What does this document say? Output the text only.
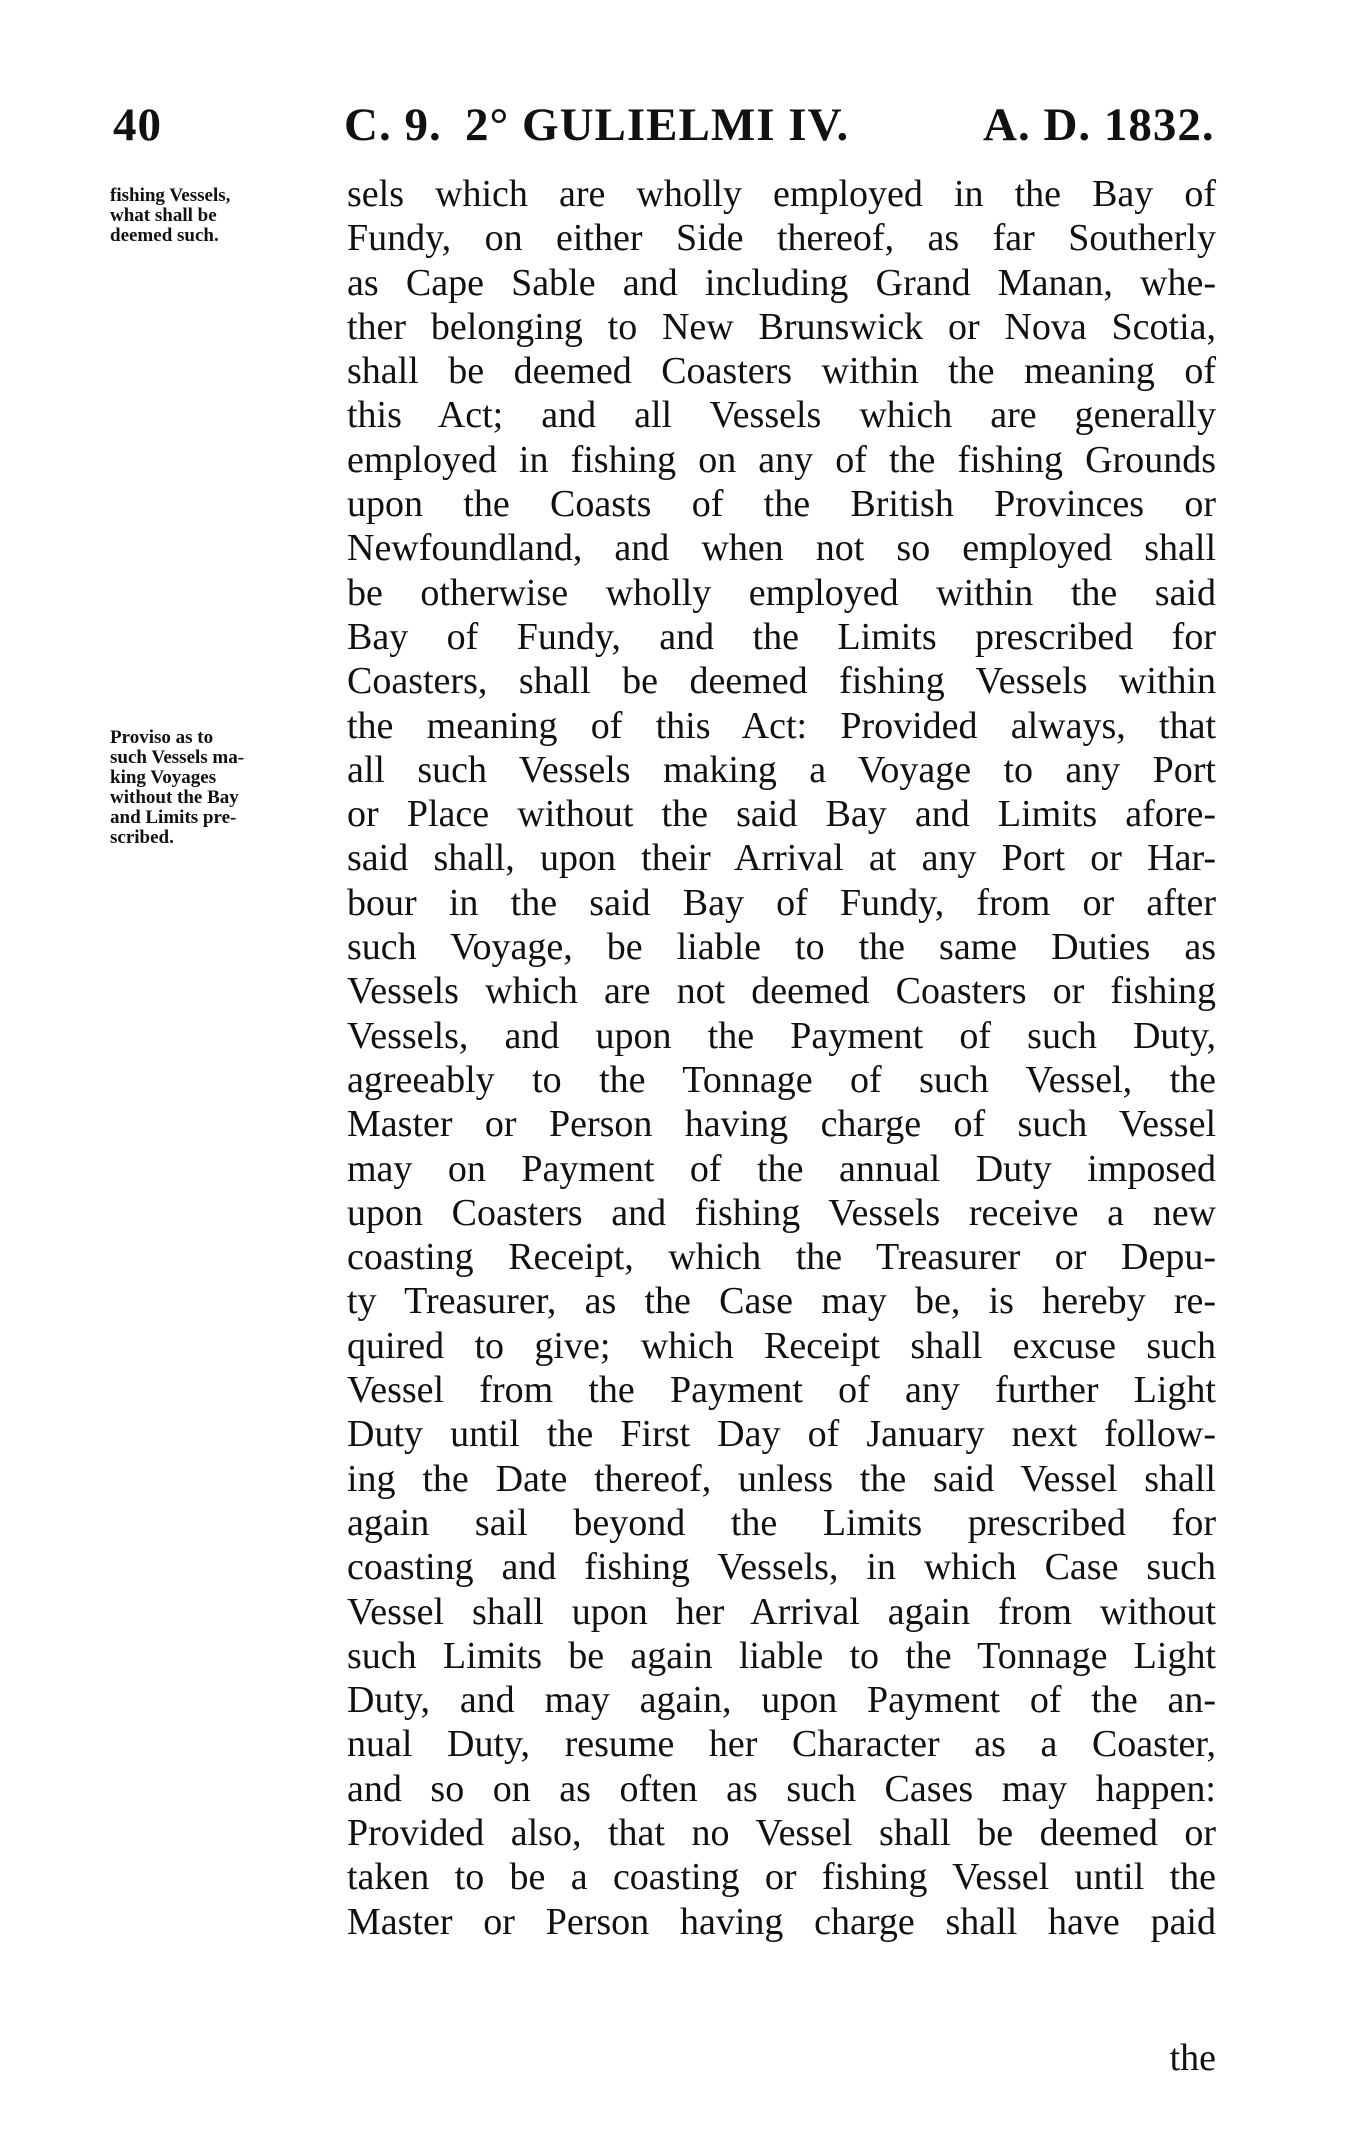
40	C. 9. 2° GULIELMI IV.	A. D. 1832.
fishing Vessels,
what shall be
deemed such.
Proviso as to
such Vessels ma-
king Voyages
without the Bay
and Limits pre-
scribed.
sels which are wholly employed in the Bay of
Fundy, on either Side thereof, as far Southerly
as Cape Sable and including Grand Manan, whe-
ther belonging to New Brunswick or Nova Scotia,
shall be deemed Coasters within the meaning of
this Act; and all Vessels which are generally
employed in fishing on any of the fishing Grounds
upon the Coasts of the British Provinces or
Newfoundland, and when not so employed shall
be otherwise wholly employed within the said
Bay of Fundy, and the Limits prescribed for
Coasters, shall be deemed fishing Vessels within
the meaning of this Act: Provided always, that
all such Vessels making a Voyage to any Port
or Place without the said Bay and Limits afore-
said shall, upon their Arrival at any Port or Har-
bour in the said Bay of Fundy, from or after
such Voyage, be liable to the same Duties as
Vessels which are not deemed Coasters or fishing
Vessels, and upon the Payment of such Duty,
agreeably to the Tonnage of such Vessel, the
Master or Person having charge of such Vessel
may on Payment of the annual Duty imposed
upon Coasters and fishing Vessels receive a new
coasting Receipt, which the Treasurer or Depu-
ty Treasurer, as the Case may be, is hereby re-
quired to give; which Receipt shall excuse such
Vessel from the Payment of any further Light
Duty until the First Day of January next follow-
ing the Date thereof, unless the said Vessel shall
again sail beyond the Limits prescribed for
coasting and fishing Vessels, in which Case such
Vessel shall upon her Arrival again from without
such Limits be again liable to the Tonnage Light
Duty, and may again, upon Payment of the an-
nual Duty, resume her Character as a Coaster,
and so on as often as such Cases may happen:
Provided also, that no Vessel shall be deemed or
taken to be a coasting or fishing Vessel until the
Master or Person having charge shall have paid
the
